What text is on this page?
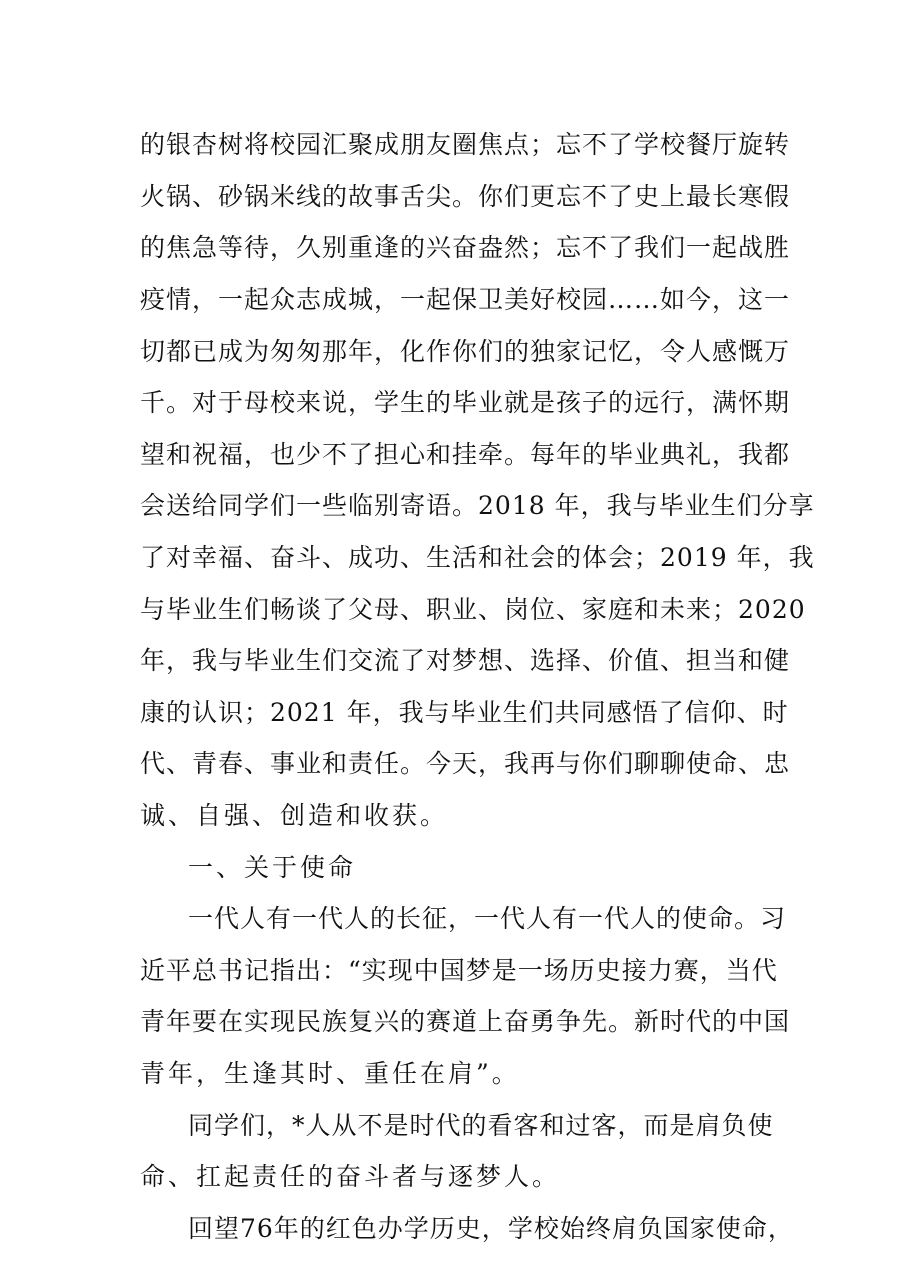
的银杏树将校园汇聚成朋友圈焦点；忘不了学校餐厅旋转
火锅、砂锅米线的故事舌尖。你们更忘不了史上最长寒假
的焦急等待，久别重逢的兴奋盎然；忘不了我们一起战胜
疫情，一起众志成城，一起保卫美好校园……如今，这一
切都已成为匆匆那年，化作你们的独家记忆，令人感慨万
千。对于母校来说，学生的毕业就是孩子的远行，满怀期
望和祝福，也少不了担心和挂牵。每年的毕业典礼，我都
会送给同学们一些临别寄语。2018 年，我与毕业生们分享
了对幸福、奋斗、成功、生活和社会的体会；2019 年，我
与毕业生们畅谈了父母、职业、岗位、家庭和未来；2020
年，我与毕业生们交流了对梦想、选择、价值、担当和健
康的认识；2021 年，我与毕业生们共同感悟了信仰、时
代、青春、事业和责任。今天，我再与你们聊聊使命、忠
诚、自强、创造和收获。
一、关于使命
一代人有一代人的长征，一代人有一代人的使命。习
近平总书记指出：“实现中国梦是一场历史接力赛，当代
青年要在实现民族复兴的赛道上奋勇争先。新时代的中国
青年，生逢其时、重任在肩”。
同学们，*人从不是时代的看客和过客，而是肩负使
命、扛起责任的奋斗者与逐梦人。
回望76年的红色办学历史，学校始终肩负国家使命，
